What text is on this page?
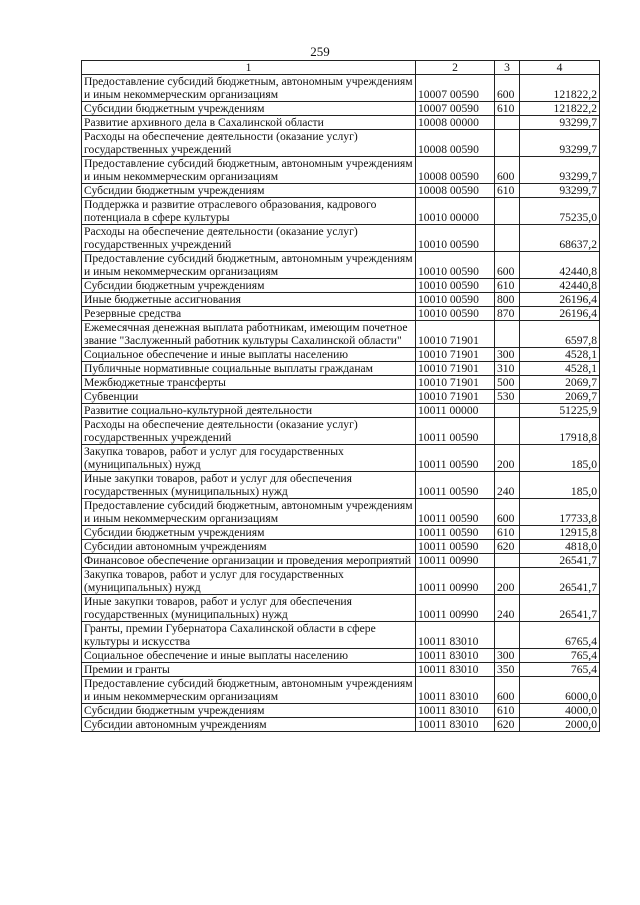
259
1	2	3	4
Предоставление субсидий бюджетным, автономным учреждениям и иным некоммерческим организациям	10007 00590	600	121822,2
Субсидии бюджетным учреждениям	10007 00590	610	121822,2
Развитие архивного дела в Сахалинской области	10008 00000		93299,7
Расходы на обеспечение деятельности (оказание услуг) государственных учреждений	10008 00590		93299,7
Предоставление субсидий бюджетным, автономным учреждениям и иным некоммерческим организациям	10008 00590	600	93299,7
Субсидии бюджетным учреждениям	10008 00590	610	93299,7
Поддержка и развитие отраслевого образования, кадрового потенциала в сфере культуры	10010 00000		75235,0
Расходы на обеспечение деятельности (оказание услуг) государственных учреждений	10010 00590		68637,2
Предоставление субсидий бюджетным, автономным учреждениям и иным некоммерческим организациям	10010 00590	600	42440,8
Субсидии бюджетным учреждениям	10010 00590	610	42440,8
Иные бюджетные ассигнования	10010 00590	800	26196,4
Резервные средства	10010 00590	870	26196,4
Ежемесячная денежная выплата работникам, имеющим почетное звание "Заслуженный работник культуры Сахалинской области"	10010 71901		6597,8
Социальное обеспечение и иные выплаты населению	10010 71901	300	4528,1
Публичные нормативные социальные выплаты гражданам	10010 71901	310	4528,1
Межбюджетные трансферты	10010 71901	500	2069,7
Субвенции	10010 71901	530	2069,7
Развитие социально-культурной деятельности	10011 00000		51225,9
Расходы на обеспечение деятельности (оказание услуг) государственных учреждений	10011 00590		17918,8
Закупка товаров, работ и услуг для государственных (муниципальных) нужд	10011 00590	200	185,0
Иные закупки товаров, работ и услуг для обеспечения государственных (муниципальных) нужд	10011 00590	240	185,0
Предоставление субсидий бюджетным, автономным учреждениям и иным некоммерческим организациям	10011 00590	600	17733,8
Субсидии бюджетным учреждениям	10011 00590	610	12915,8
Субсидии автономным учреждениям	10011 00590	620	4818,0
Финансовое обеспечение организации и проведения мероприятий	10011 00990		26541,7
Закупка товаров, работ и услуг для государственных (муниципальных) нужд	10011 00990	200	26541,7
Иные закупки товаров, работ и услуг для обеспечения государственных (муниципальных) нужд	10011 00990	240	26541,7
Гранты, премии Губернатора Сахалинской области в сфере культуры и искусства	10011 83010		6765,4
Социальное обеспечение и иные выплаты населению	10011 83010	300	765,4
Премии и гранты	10011 83010	350	765,4
Предоставление субсидий бюджетным, автономным учреждениям и иным некоммерческим организациям	10011 83010	600	6000,0
Субсидии бюджетным учреждениям	10011 83010	610	4000,0
Субсидии автономным учреждениям	10011 83010	620	2000,0
